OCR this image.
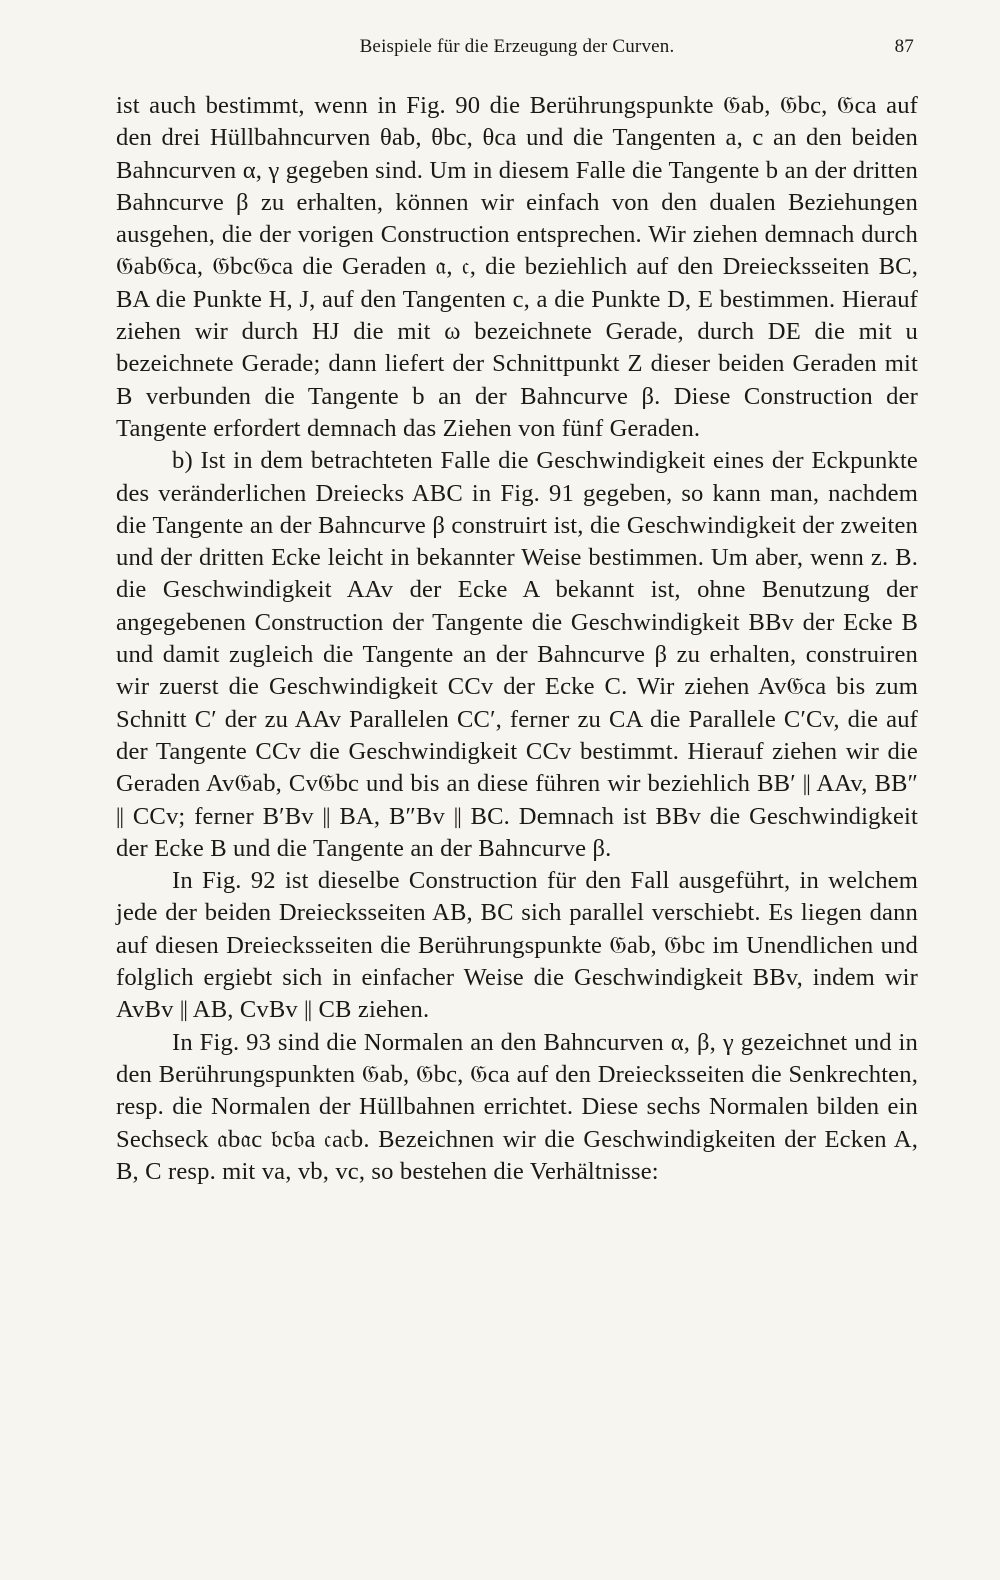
Beispiele für die Erzeugung der Curven.	87

ist auch bestimmt, wenn in Fig. 90 die Berührungspunkte 𝔊ab, 𝔊bc, 𝔊ca auf den drei Hüllbahncurven θab, θbc, θca und die Tangenten a, c an den beiden Bahncurven α, γ gegeben sind. Um in diesem Falle die Tangente b an der dritten Bahncurve β zu erhalten, können wir einfach von den dualen Beziehungen ausgehen, die der vorigen Construction entsprechen. Wir ziehen demnach durch 𝔊ab𝔊ca, 𝔊bc𝔊ca die Geraden 𝔞, 𝔠, die beziehlich auf den Dreiecksseiten BC, BA die Punkte H, J, auf den Tangenten c, a die Punkte D, E bestimmen. Hierauf ziehen wir durch HJ die mit ω bezeichnete Gerade, durch DE die mit u bezeichnete Gerade; dann liefert der Schnittpunkt Z dieser beiden Geraden mit B verbunden die Tangente b an der Bahncurve β. Diese Construction der Tangente erfordert demnach das Ziehen von fünf Geraden.

b) Ist in dem betrachteten Falle die Geschwindigkeit eines der Eckpunkte des veränderlichen Dreiecks ABC in Fig. 91 gegeben, so kann man, nachdem die Tangente an der Bahncurve β construirt ist, die Geschwindigkeit der zweiten und der dritten Ecke leicht in bekannter Weise bestimmen. Um aber, wenn z. B. die Geschwindigkeit AAv der Ecke A bekannt ist, ohne Benutzung der angegebenen Construction der Tangente die Geschwindigkeit BBv der Ecke B und damit zugleich die Tangente an der Bahncurve β zu erhalten, construiren wir zuerst die Geschwindigkeit CCv der Ecke C. Wir ziehen Av𝔊ca bis zum Schnitt C′ der zu AAv Parallelen CC′, ferner zu CA die Parallele C′Cv, die auf der Tangente CCv die Geschwindigkeit CCv bestimmt. Hierauf ziehen wir die Geraden Av𝔊ab, Cv𝔊bc und bis an diese führen wir beziehlich BB′ ∥ AAv, BB″ ∥ CCv; ferner B′Bv ∥ BA, B″Bv ∥ BC. Demnach ist BBv die Geschwindigkeit der Ecke B und die Tangente an der Bahncurve β.

In Fig. 92 ist dieselbe Construction für den Fall ausgeführt, in welchem jede der beiden Dreiecksseiten AB, BC sich parallel verschiebt. Es liegen dann auf diesen Dreiecksseiten die Berührungspunkte 𝔊ab, 𝔊bc im Unendlichen und folglich ergiebt sich in einfacher Weise die Geschwindigkeit BBv, indem wir AvBv ∥ AB, CvBv ∥ CB ziehen.

In Fig. 93 sind die Normalen an den Bahncurven α, β, γ gezeichnet und in den Berührungspunkten 𝔊ab, 𝔊bc, 𝔊ca auf den Dreiecksseiten die Senkrechten, resp. die Normalen der Hüllbahnen errichtet. Diese sechs Normalen bilden ein Sechseck 𝔞b𝔞c 𝔟c𝔟a 𝔠a𝔠b. Bezeichnen wir die Geschwindigkeiten der Ecken A, B, C resp. mit va, vb, vc, so bestehen die Verhältnisse:
